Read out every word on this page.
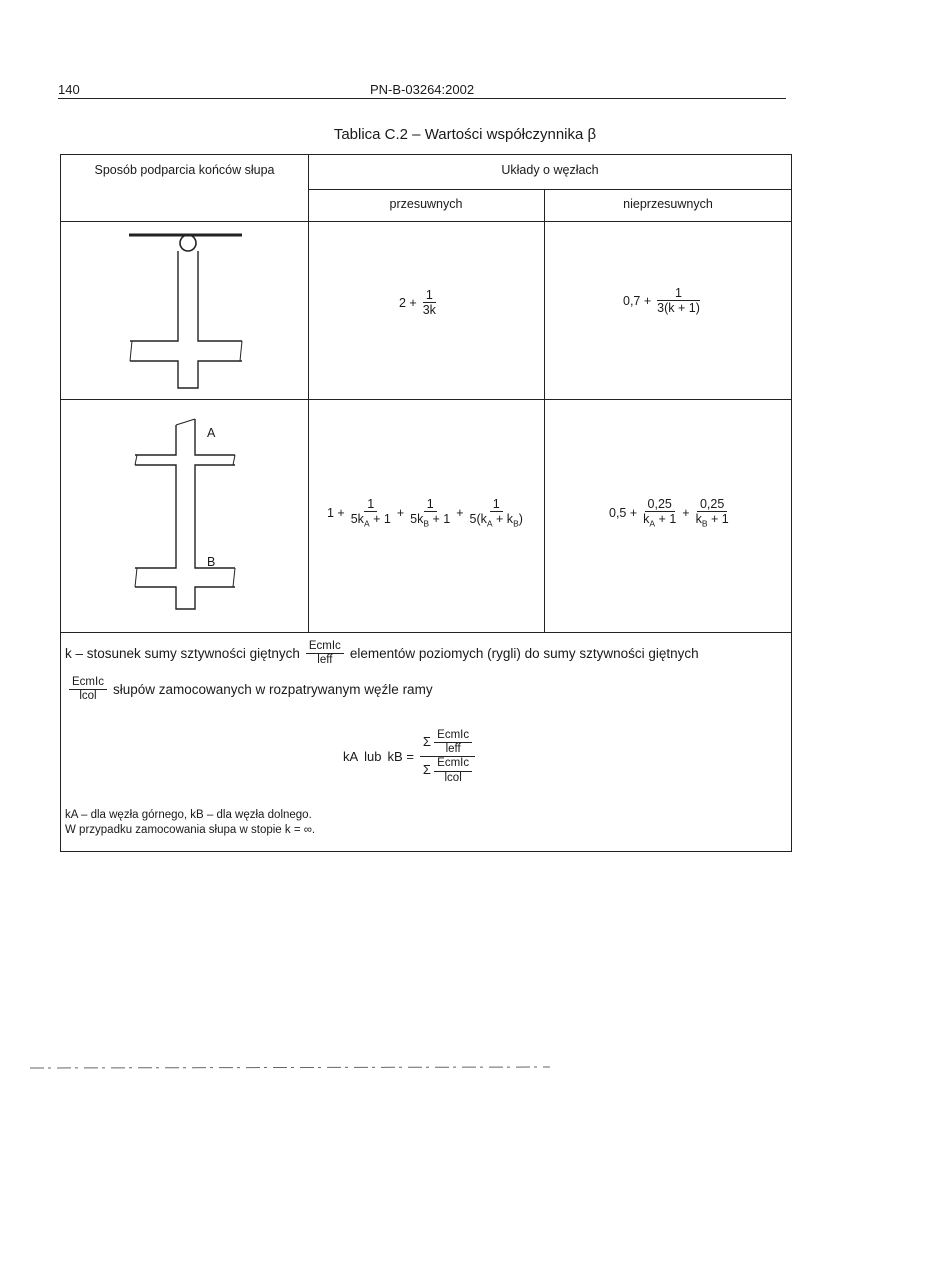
140	PN-B-03264:2002
Tablica C.2 – Wartości współczynnika β
Sposób podparcia końców słupa	Układy o węzłach
przesuwnych	nieprzesuwnych
A
B
$2 + \frac{1}{3k}$	$0,7 + \frac{1}{3(k + 1)}$
$1 + \frac{1}{5k_A + 1} + \frac{1}{5k_B + 1} + \frac{1}{5(k_A + k_B)}$	$0,5 + \frac{0,25}{k_A + 1} + \frac{0,25}{k_B + 1}$
k – stosunek sumy sztywności giętnych $\frac{\text{EcmIc}}{\text{leff}}$ elementów poziomych (rygli) do sumy sztywności giętnych
$\frac{\text{EcmIc}}{\text{lcol}}$ słupów zamocowanych w rozpatrywanym węźle ramy
kA lub kB = $\frac{\Sigma \frac{\text{EcmIc}}{\text{leff}}}{\Sigma \frac{\text{EcmIc}}{\text{lcol}}}$
kA – dla węzła górnego, kB – dla węzła dolnego.
W przypadku zamocowania słupa w stopie k = ∞.
